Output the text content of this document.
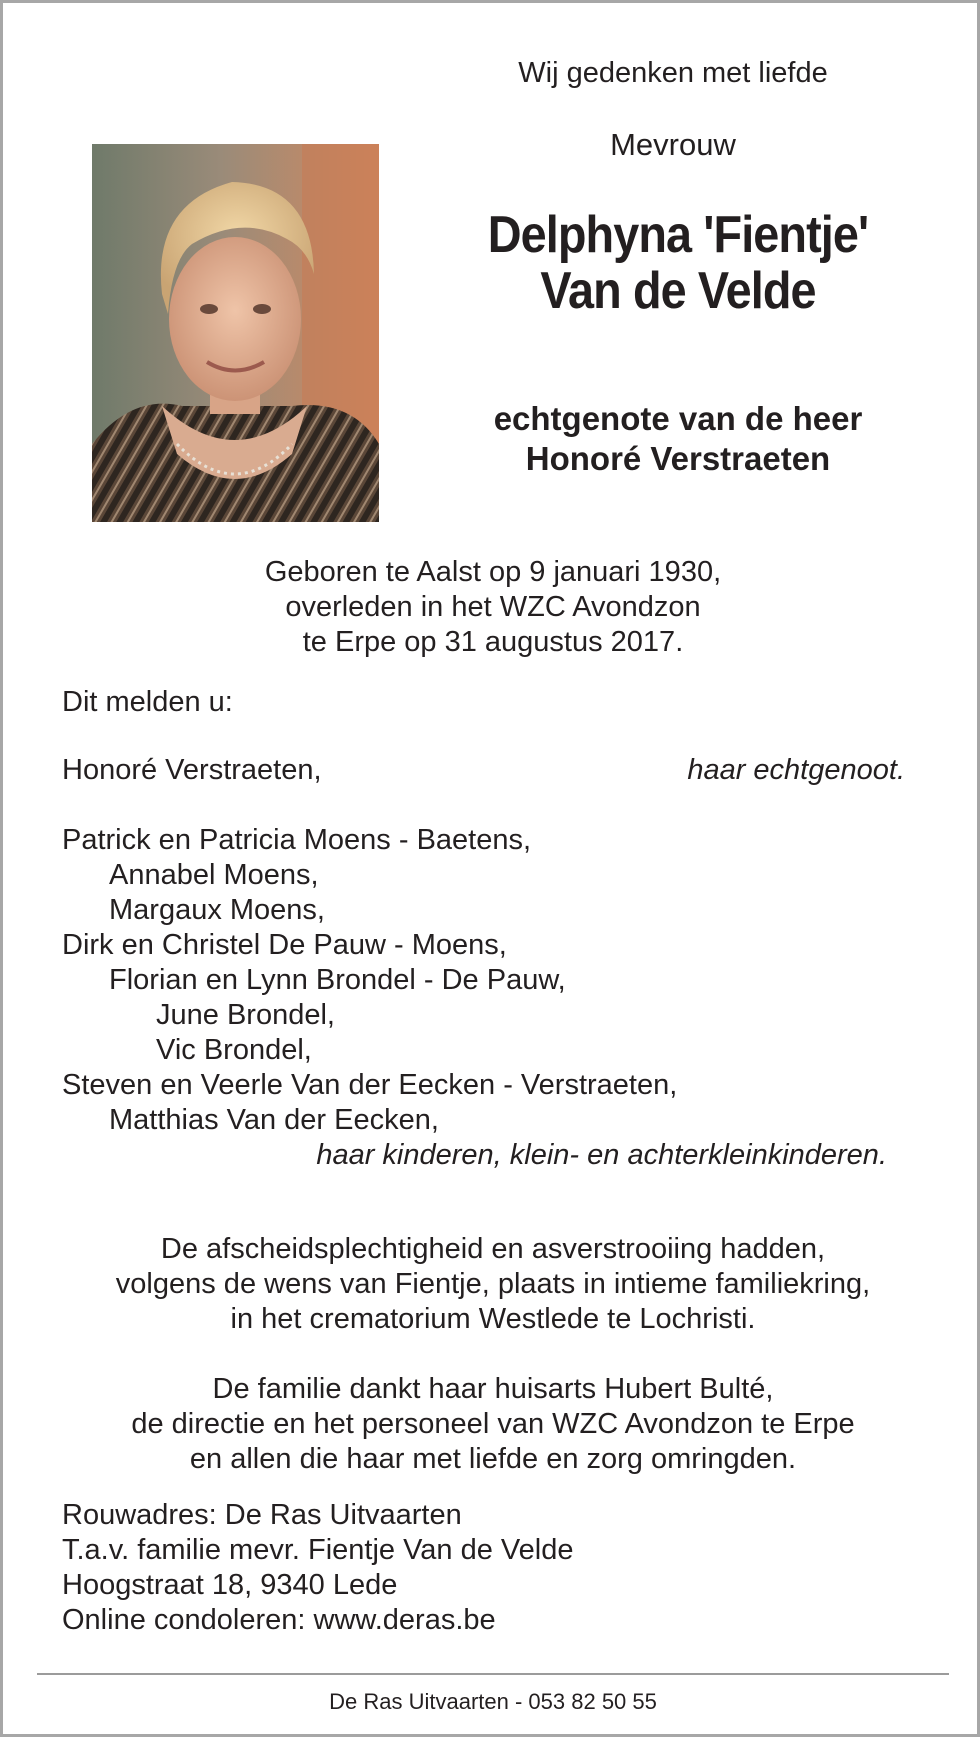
Wij gedenken met liefde
Mevrouw
Delphyna 'Fientje'
Van de Velde
echtgenote van de heer
Honoré Verstraeten
Geboren te Aalst op 9 januari 1930,
overleden in het WZC Avondzon
te Erpe op 31 augustus 2017.
Dit melden u:
Honoré Verstraeten,	haar echtgenoot.
Patrick en Patricia Moens - Baetens,
Annabel Moens,
Margaux Moens,
Dirk en Christel De Pauw - Moens,
Florian en Lynn Brondel - De Pauw,
June Brondel,
Vic Brondel,
Steven en Veerle Van der Eecken - Verstraeten,
Matthias Van der Eecken,
haar kinderen, klein- en achterkleinkinderen.
De afscheidsplechtigheid en asverstrooiing hadden,
volgens de wens van Fientje, plaats in intieme familiekring,
in het crematorium Westlede te Lochristi.
De familie dankt haar huisarts Hubert Bulté,
de directie en het personeel van WZC Avondzon te Erpe
en allen die haar met liefde en zorg omringden.
Rouwadres: De Ras Uitvaarten
T.a.v. familie mevr. Fientje Van de Velde
Hoogstraat 18, 9340 Lede
Online condoleren: www.deras.be
De Ras Uitvaarten - 053 82 50 55
